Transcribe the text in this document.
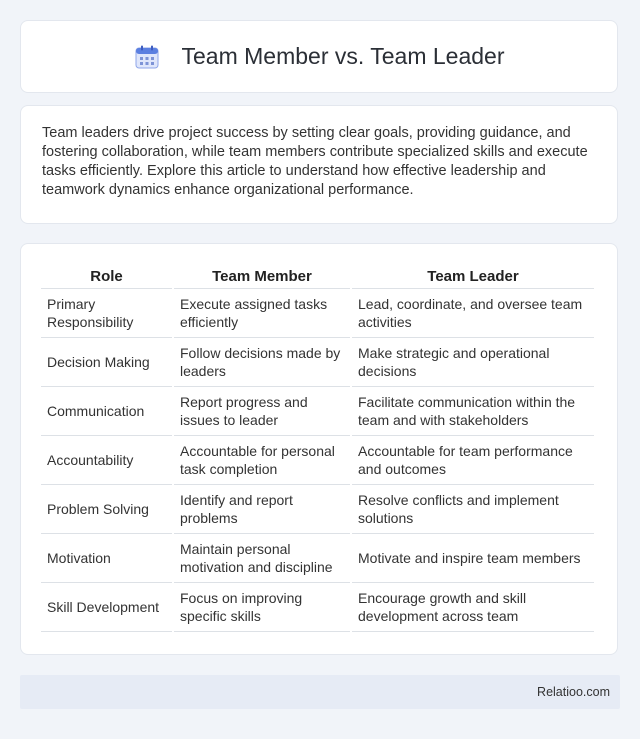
Team Member vs. Team Leader

Team leaders drive project success by setting clear goals, providing guidance, and fostering collaboration, while team members contribute specialized skills and execute tasks efficiently. Explore this article to understand how effective leadership and teamwork dynamics enhance organizational performance.

Role	Team Member	Team Leader
Primary Responsibility	Execute assigned tasks efficiently	Lead, coordinate, and oversee team activities
Decision Making	Follow decisions made by leaders	Make strategic and operational decisions
Communication	Report progress and issues to leader	Facilitate communication within the team and with stakeholders
Accountability	Accountable for personal task completion	Accountable for team performance and outcomes
Problem Solving	Identify and report problems	Resolve conflicts and implement solutions
Motivation	Maintain personal motivation and discipline	Motivate and inspire team members
Skill Development	Focus on improving specific skills	Encourage growth and skill development across team
Relatioo.com
